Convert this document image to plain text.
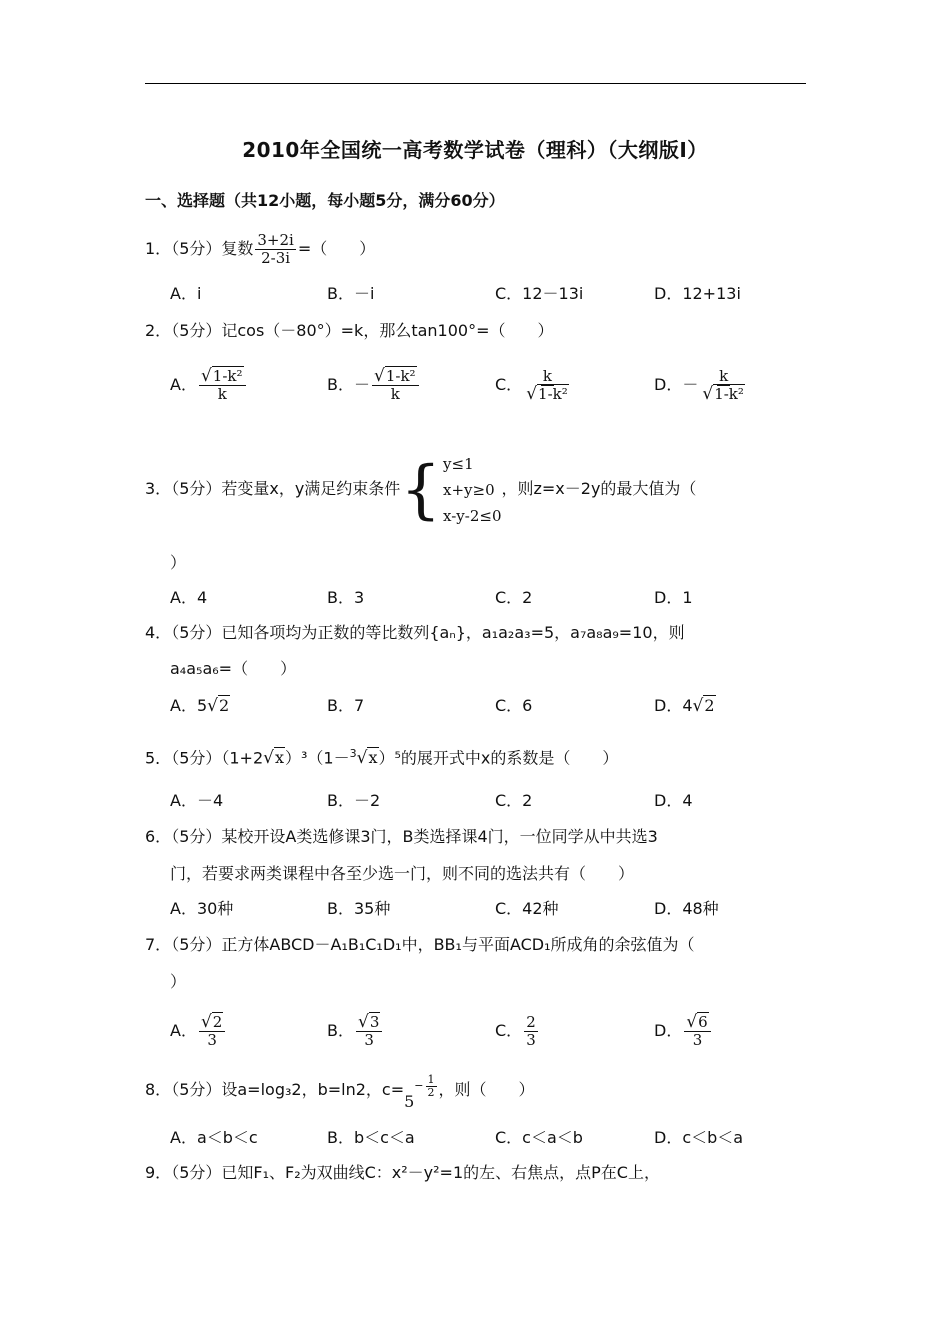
2010年全国统一高考数学试卷（理科）（大纲版Ⅰ）
一、选择题（共12小题，每小题5分，满分60分）
1．（5分）复数 $\frac{3+2i}{2-3i}$ =（　　）
A．i	B．－i	C．12－13i	D．12+13i
2．（5分）记cos（－80°）=k，那么tan100°=（　　）
A． $\frac{\text{√1-k²}}{k}$	B．－ $\frac{\text{√1-k²}}{k}$	C． $\frac{k}{\text{√1-k²}}$	D．－ $\frac{k}{\text{√1-k²}}$
3．（5分）若变量x，y满足约束条件 { y≤1
x+y≥0
x-y-2≤0
，则z=x－2y的最大值为（
）
A．4	B．3	C．2	D．1
4．（5分）已知各项均为正数的等比数列{aₙ}，a₁a₂a₃=5，a₇a₈a₉=10，则
a₄a₅a₆=（　　）
A．5√2	B．7	C．6	D．4√2
5．（5分）（1+2√x）³（1－$^3$√x）⁵的展开式中x的系数是（　　）
A．－4	B．－2	C．2	D．4
6．（5分）某校开设A类选修课3门，B类选择课4门，一位同学从中共选3
门，若要求两类课程中各至少选一门，则不同的选法共有（　　）
A．30种	B．35种	C．42种	D．48种
7．（5分）正方体ABCD－A₁B₁C₁D₁中，BB₁与平面ACD₁所成角的余弦值为（
）
A． $\frac{√2}{3}$	B． $\frac{√3}{3}$	C． $\frac{2}{3}$	D． $\frac{√6}{3}$
8．（5分）设a=log₃2，b=ln2，c=5
− $\frac{1}{2}$ ，则（　　）
A．a＜b＜c	B．b＜c＜a	C．c＜a＜b	D．c＜b＜a
9．（5分）已知F₁、F₂为双曲线C：x²－y²=1的左、右焦点，点P在C上，
